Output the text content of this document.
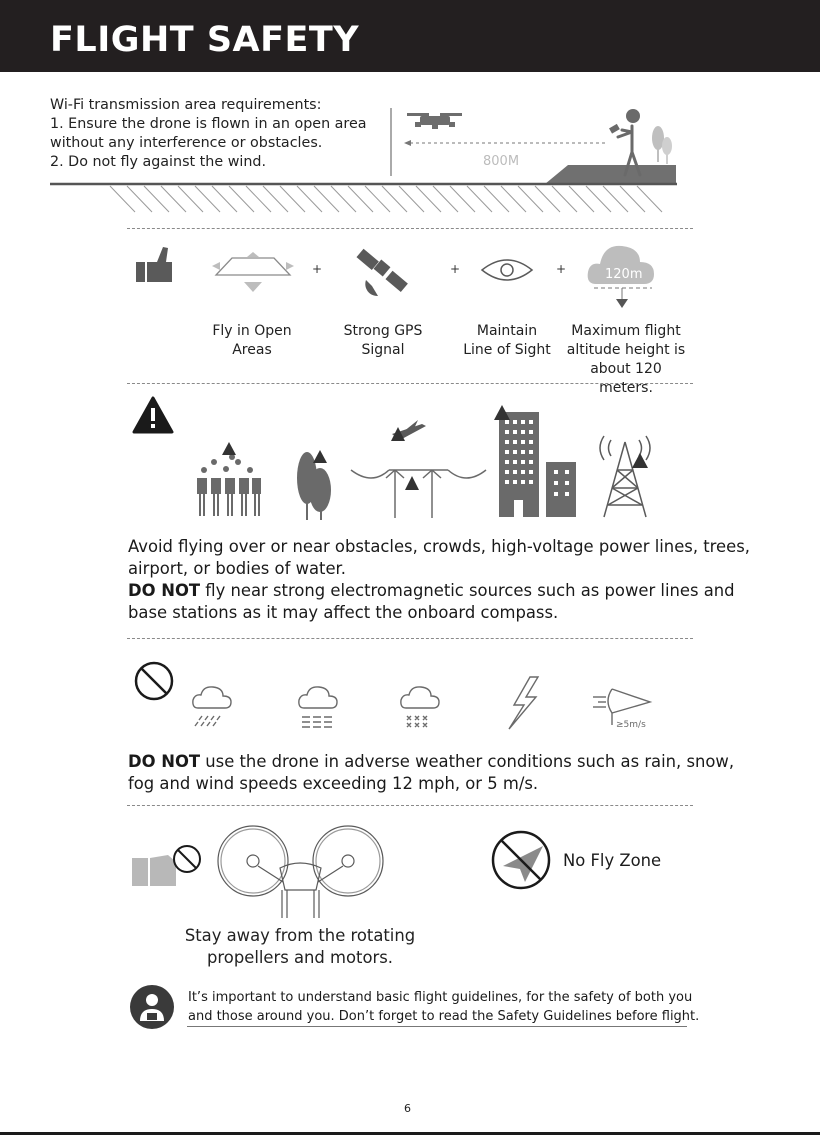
FLIGHT SAFETY
Wi-Fi transmission area requirements:
1. Ensure the drone is flown in an open area
without any interference or obstacles.
2. Do not fly against the wind.	800M
+	+	+	120m
Fly in Open
Areas
Strong GPS
Signal
Maintain
Line of Sight
Maximum flight
altitude height is
about 120 meters.
Avoid flying over or near obstacles, crowds, high-voltage power lines, trees,
airport, or bodies of water.
DO NOT fly near strong electromagnetic sources such as power lines and
base stations as it may affect the onboard compass.
≥5m/s
DO NOT use the drone in adverse weather conditions such as rain, snow,
fog and wind speeds exceeding 12 mph, or 5 m/s.
No Fly Zone
Stay away from the rotating
propellers and motors.
It’s important to understand basic flight guidelines, for the safety of both you
and those around you. Don’t forget to read the Safety Guidelines before flight.
6
